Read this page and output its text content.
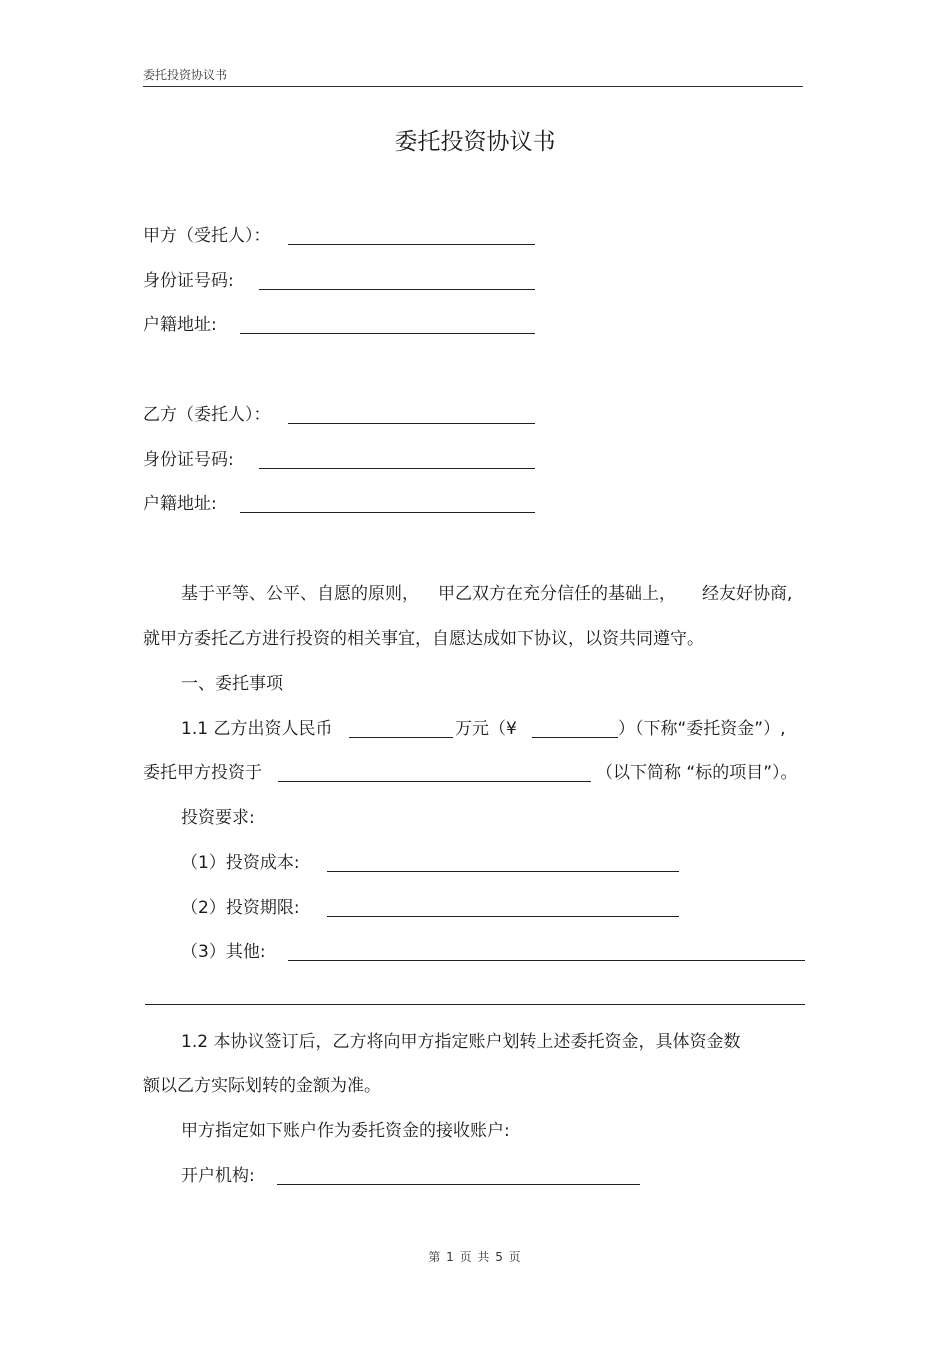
委托投资协议书
委托投资协议书
甲方（受托人）：
身份证号码:
户籍地址:
乙方（委托人）：
身份证号码:
户籍地址:
基于平等、公平、自愿的原则， 甲乙双方在充分信任的基础上， 经友好协商,
就甲方委托乙方进行投资的相关事宜，自愿达成如下协议，以资共同遵守。
一、委托事项
1.1 乙方出资人民币	万元（¥	）（下称“委托资金”）,
委托甲方投资于	（以下简称 “标的项目”）。
投资要求:
（1）投资成本:
（2）投资期限:
（3）其他:
1.2 本协议签订后，乙方将向甲方指定账户划转上述委托资金，具体资金数
额以乙方实际划转的金额为准。
甲方指定如下账户作为委托资金的接收账户:
开户机构:
第 1 页 共 5 页
